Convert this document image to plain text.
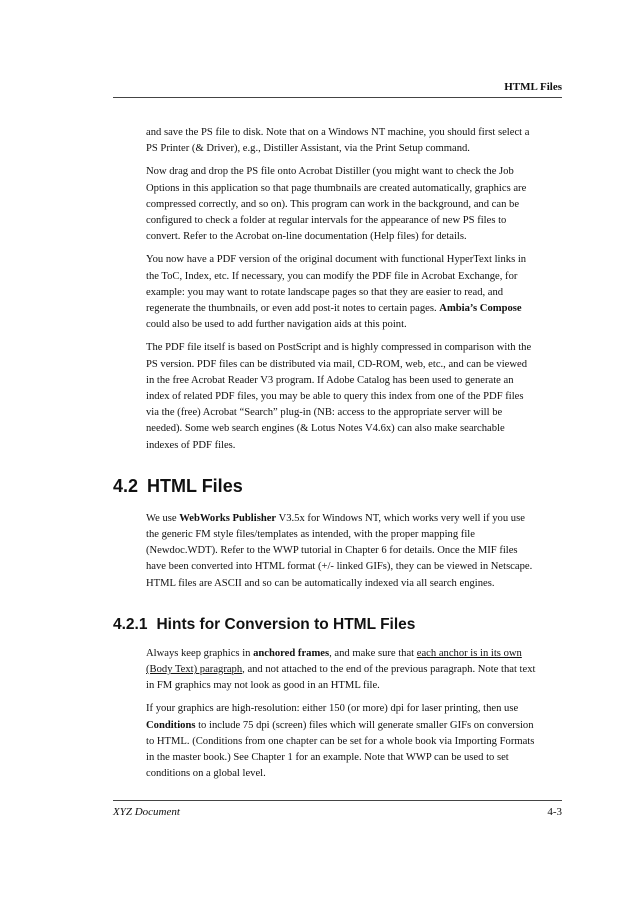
HTML Files

and save the PS file to disk. Note that on a Windows NT machine, you should first select a PS Printer (& Driver), e.g., Distiller Assistant, via the Print Setup command.

Now drag and drop the PS file onto Acrobat Distiller (you might want to check the Job Options in this application so that page thumbnails are created automatically, graphics are compressed correctly, and so on). This program can work in the background, and can be configured to check a folder at regular intervals for the appearance of new PS files to convert. Refer to the Acrobat on-line documentation (Help files) for details.

You now have a PDF version of the original document with functional HyperText links in the ToC, Index, etc. If necessary, you can modify the PDF file in Acrobat Exchange, for example: you may want to rotate landscape pages so that they are easier to read, and regenerate the thumbnails, or even add post-it notes to certain pages. Ambia’s Compose could also be used to add further navigation aids at this point.

The PDF file itself is based on PostScript and is highly compressed in comparison with the PS version. PDF files can be distributed via mail, CD-ROM, web, etc., and can be viewed in the free Acrobat Reader V3 program. If Adobe Catalog has been used to generate an index of related PDF files, you may be able to query this index from one of the PDF files via the (free) Acrobat “Search” plug-in (NB: access to the appropriate server will be needed). Some web search engines (& Lotus Notes V4.6x) can also make searchable indexes of PDF files.

4.2 HTML Files

We use WebWorks Publisher V3.5x for Windows NT, which works very well if you use the generic FM style files/templates as intended, with the proper mapping file (Newdoc.WDT). Refer to the WWP tutorial in Chapter 6 for details. Once the MIF files have been converted into HTML format (+/- linked GIFs), they can be viewed in Netscape. HTML files are ASCII and so can be automatically indexed via all search engines.

4.2.1 Hints for Conversion to HTML Files

Always keep graphics in anchored frames, and make sure that each anchor is in its own (Body Text) paragraph, and not attached to the end of the previous paragraph. Note that text in FM graphics may not look as good in an HTML file.

If your graphics are high-resolution: either 150 (or more) dpi for laser printing, then use Conditions to include 75 dpi (screen) files which will generate smaller GIFs on conversion to HTML. (Conditions from one chapter can be set for a whole book via Importing Formats in the master book.) See Chapter 1 for an example. Note that WWP can be used to set conditions on a global level.

XYZ Document	4-3
